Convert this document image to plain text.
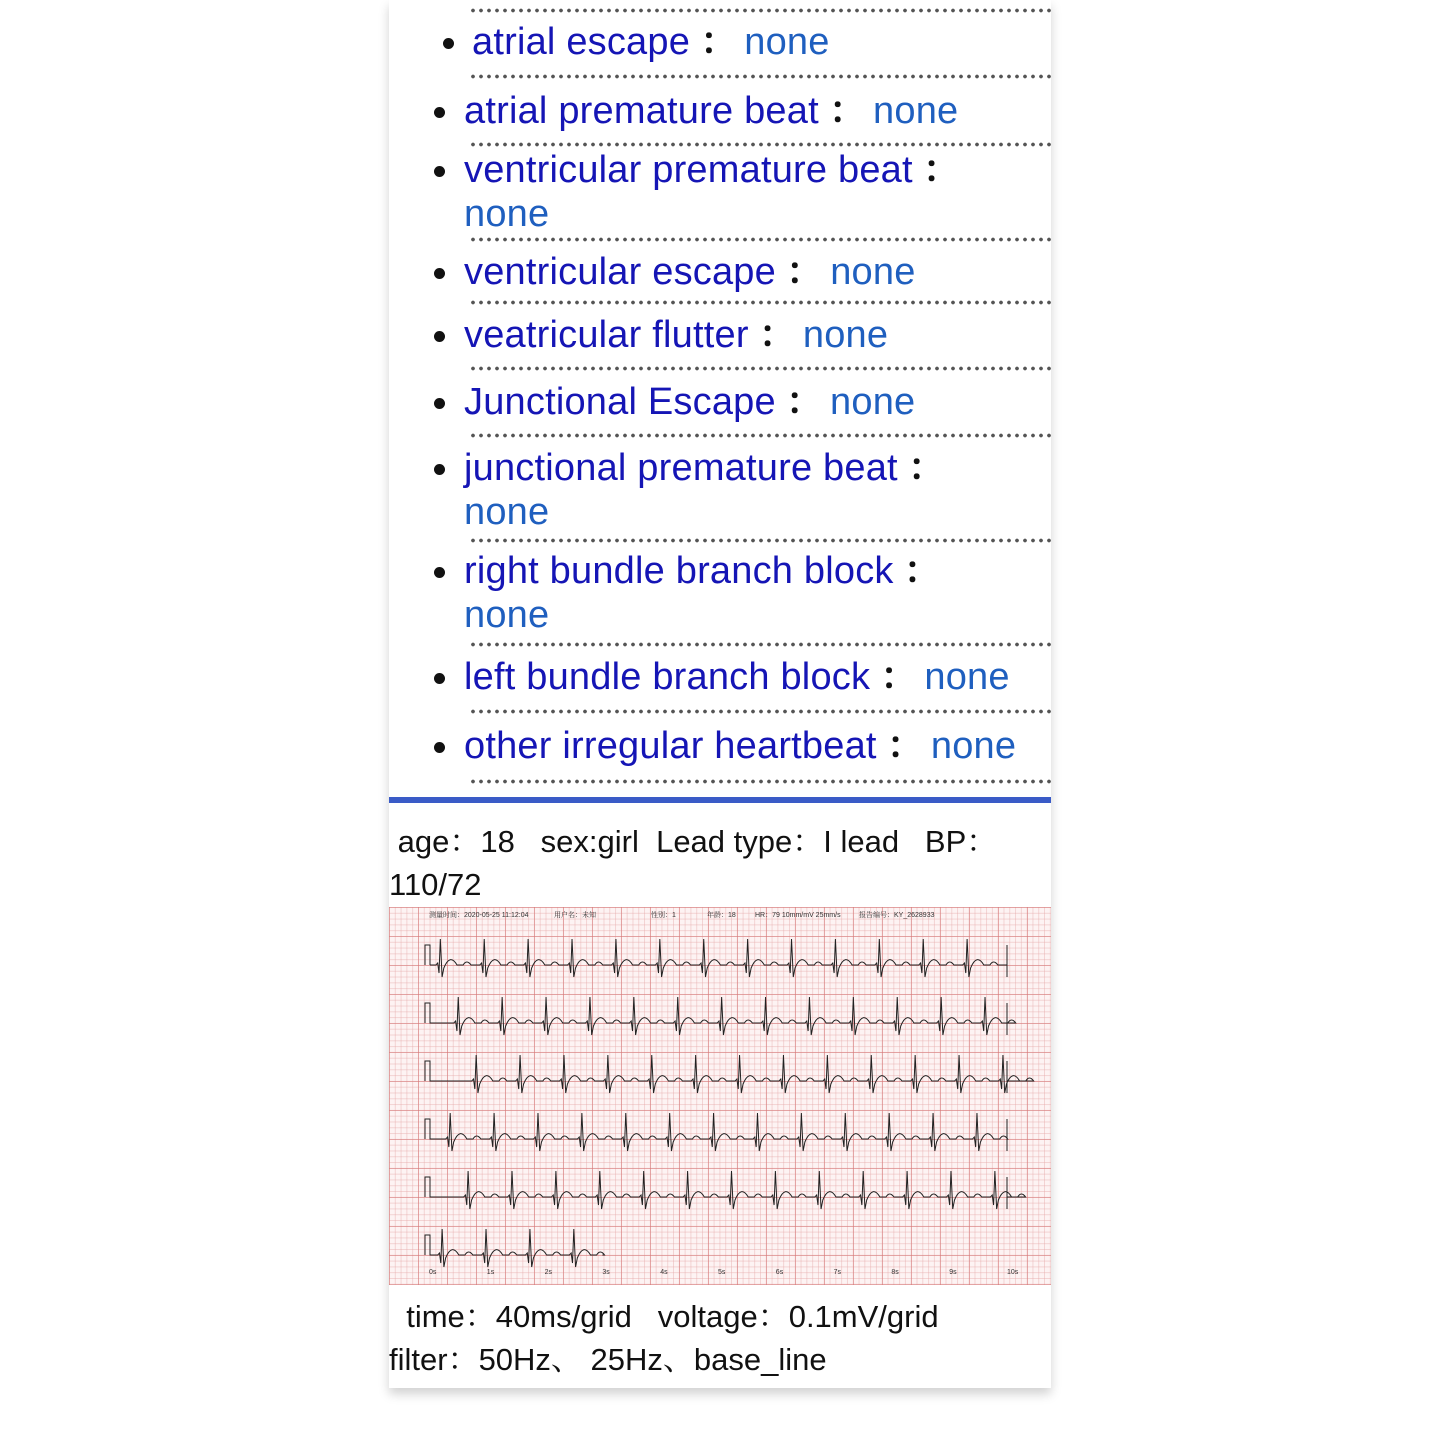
atrial escape ： none
atrial premature beat ： none
ventricular premature beat ：
none
ventricular escape ： none
veatricular flutter ： none
Junctional Escape ： none
junctional premature beat ：
none
right bundle branch block ：
none
left bundle branch block ： none
other irregular heartbeat ： none
age：18   sex:girl  Lead type：I lead   BP：
110/72
测量时间：2020-05-25 11:12:04	用户名：未知	性别：1	年龄：18	HR：79 10mm/mV 25mm/s	报告编号：KY_2628933
0s	1s	2s	3s	4s	5s	6s	7s	8s	9s	10s
time：40ms/grid   voltage：0.1mV/grid
filter：50Hz、 25Hz、base_line
